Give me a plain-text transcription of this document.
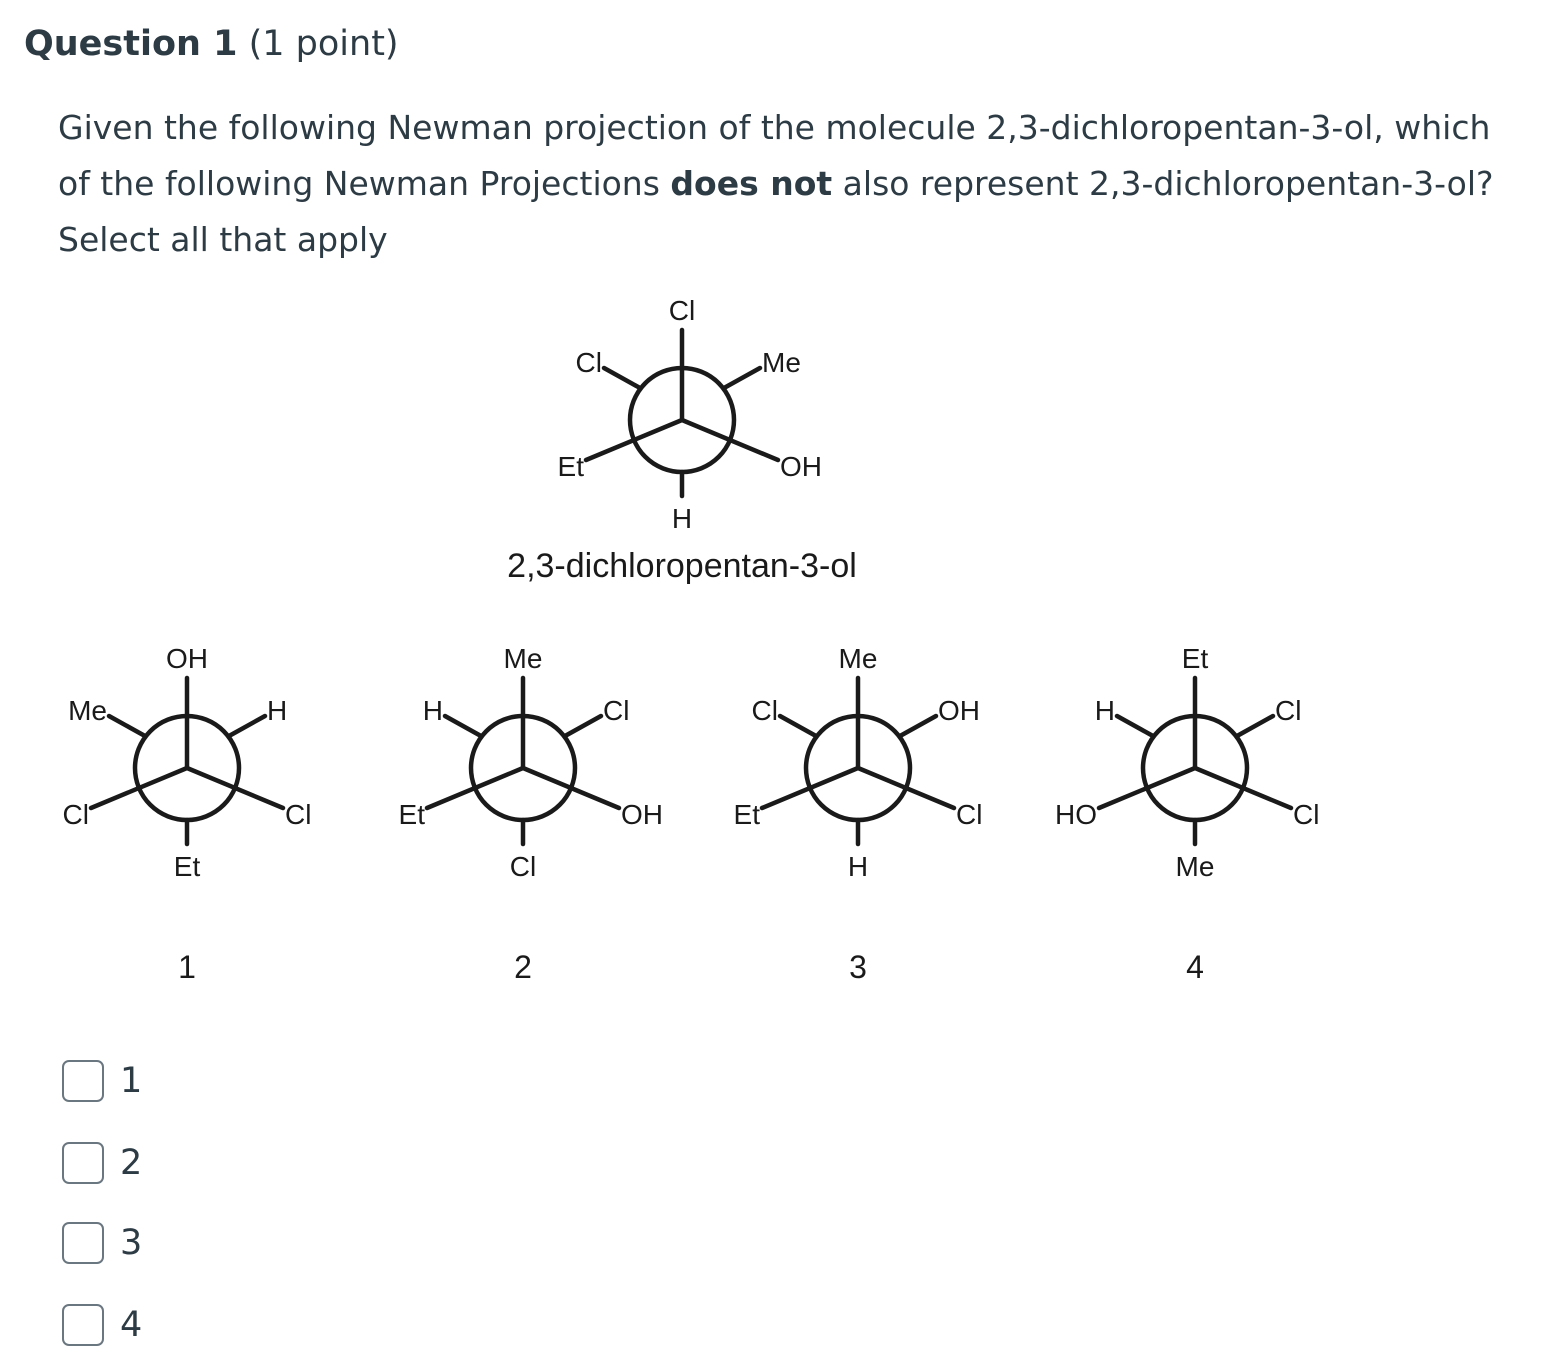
Question 1 (1 point)
Given the following Newman projection of the molecule 2,3-dichloropentan-3-ol, which of the following Newman Projections does not also represent 2,3-dichloropentan-3-ol? Select all that apply
Cl
Et	OH
Me
H
Cl
2,3-dichloropentan-3-ol
OH
Cl	Cl
H
Et
Me
Me
Et	OH
Cl
Cl
H
Me
Et	Cl
OH
H
Cl
Et
HO	Cl
Cl
Me
H
1	2	3	4
1
2
3
4
